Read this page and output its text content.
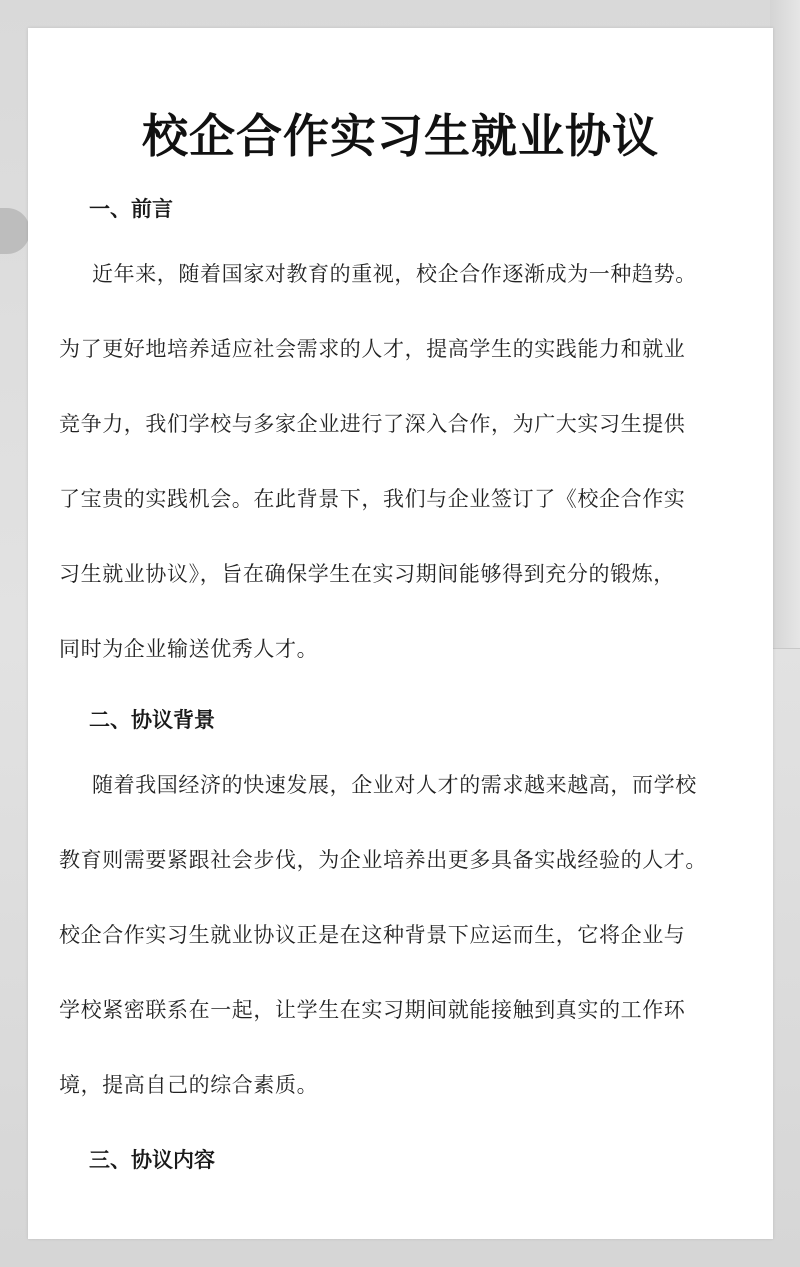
校企合作实习生就业协议
一、前言

近年来，随着国家对教育的重视，校企合作逐渐成为一种趋势。

为了更好地培养适应社会需求的人才，提高学生的实践能力和就业

竞争力，我们学校与多家企业进行了深入合作，为广大实习生提供

了宝贵的实践机会。在此背景下，我们与企业签订了《校企合作实

习生就业协议》，旨在确保学生在实习期间能够得到充分的锻炼，

同时为企业输送优秀人才。

二、协议背景

随着我国经济的快速发展，企业对人才的需求越来越高，而学校

教育则需要紧跟社会步伐，为企业培养出更多具备实战经验的人才。

校企合作实习生就业协议正是在这种背景下应运而生，它将企业与

学校紧密联系在一起，让学生在实习期间就能接触到真实的工作环

境，提高自己的综合素质。

三、协议内容
